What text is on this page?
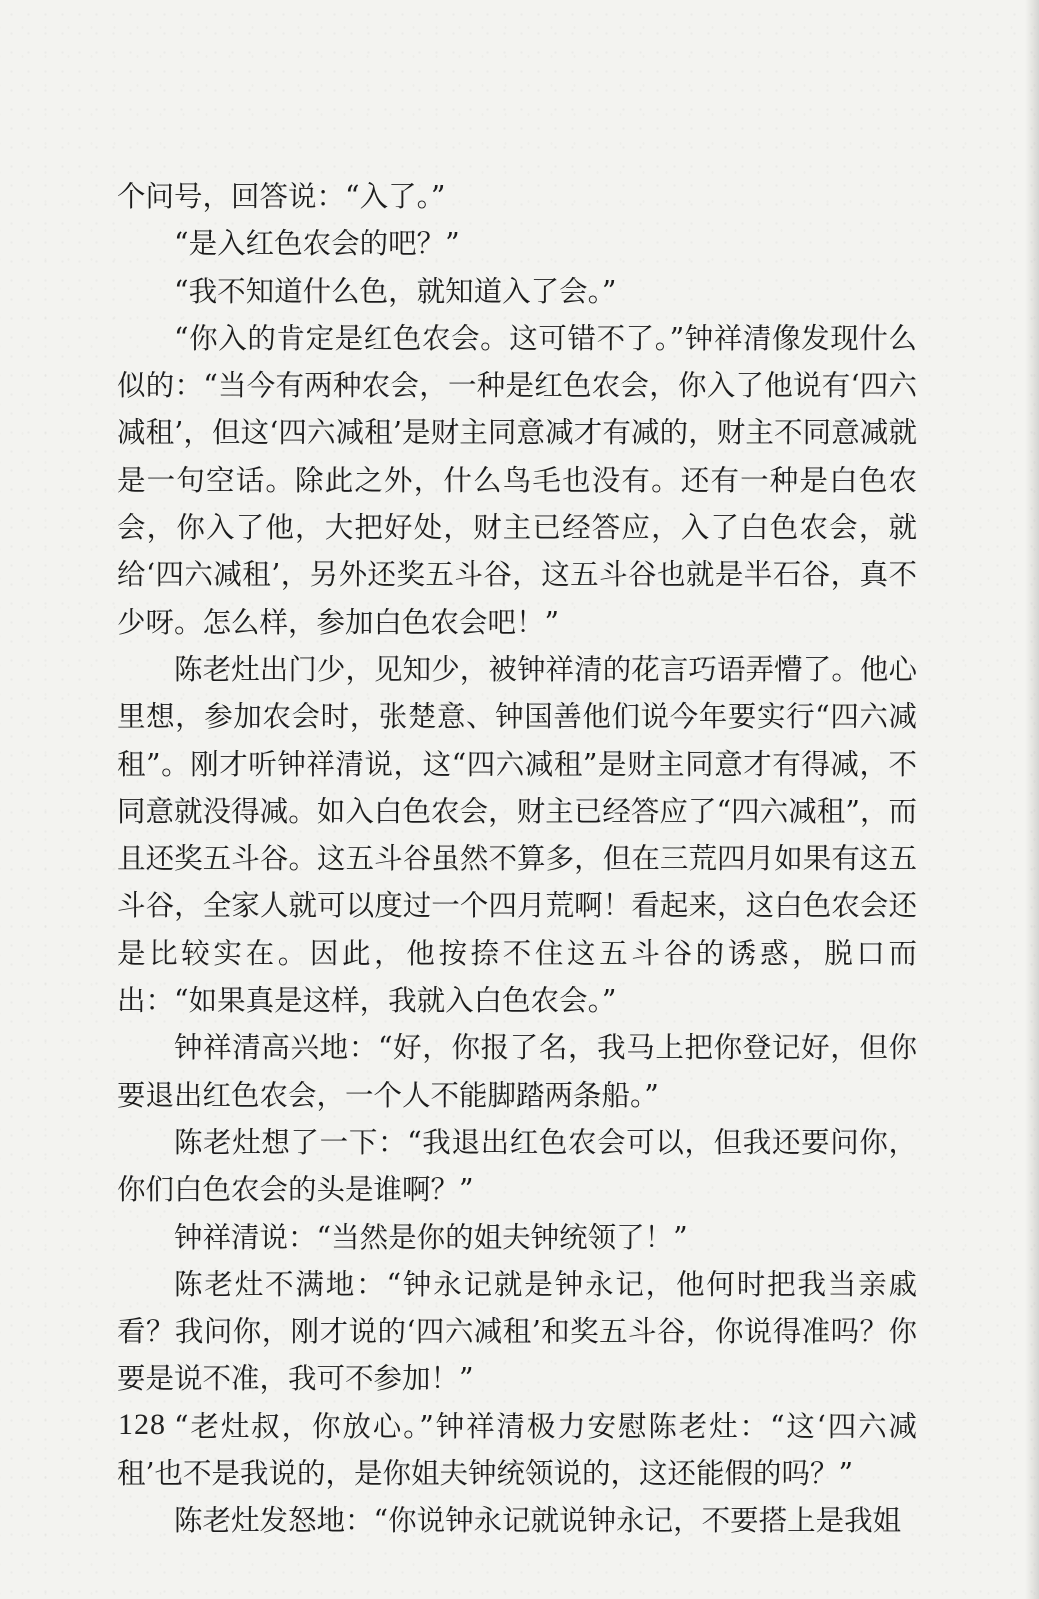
个问号，回答说：“入了。”

“是入红色农会的吧？”

“我不知道什么色，就知道入了会。”

“你入的肯定是红色农会。这可错不了。”钟祥清像发现什么似的：“当今有两种农会，一种是红色农会，你入了他说有‘四六减租’，但这‘四六减租’是财主同意减才有减的，财主不同意减就是一句空话。除此之外，什么鸟毛也没有。还有一种是白色农会，你入了他，大把好处，财主已经答应，入了白色农会，就给‘四六减租’，另外还奖五斗谷，这五斗谷也就是半石谷，真不少呀。怎么样，参加白色农会吧！”

陈老灶出门少，见知少，被钟祥清的花言巧语弄懵了。他心里想，参加农会时，张楚意、钟国善他们说今年要实行“四六减租”。刚才听钟祥清说，这“四六减租”是财主同意才有得减，不同意就没得减。如入白色农会，财主已经答应了“四六减租”，而且还奖五斗谷。这五斗谷虽然不算多，但在三荒四月如果有这五斗谷，全家人就可以度过一个四月荒啊！看起来，这白色农会还是比较实在。因此，他按捺不住这五斗谷的诱惑，脱口而出：“如果真是这样，我就入白色农会。”

钟祥清高兴地：“好，你报了名，我马上把你登记好，但你要退出红色农会，一个人不能脚踏两条船。”

陈老灶想了一下：“我退出红色农会可以，但我还要问你，你们白色农会的头是谁啊？”

钟祥清说：“当然是你的姐夫钟统领了！”

陈老灶不满地：“钟永记就是钟永记，他何时把我当亲戚看？我问你，刚才说的‘四六减租’和奖五斗谷，你说得准吗？你要是说不准，我可不参加！”

“老灶叔，你放心。”钟祥清极力安慰陈老灶：“这‘四六减租’也不是我说的，是你姐夫钟统领说的，这还能假的吗？”

陈老灶发怒地：“你说钟永记就说钟永记，不要搭上是我姐

128
